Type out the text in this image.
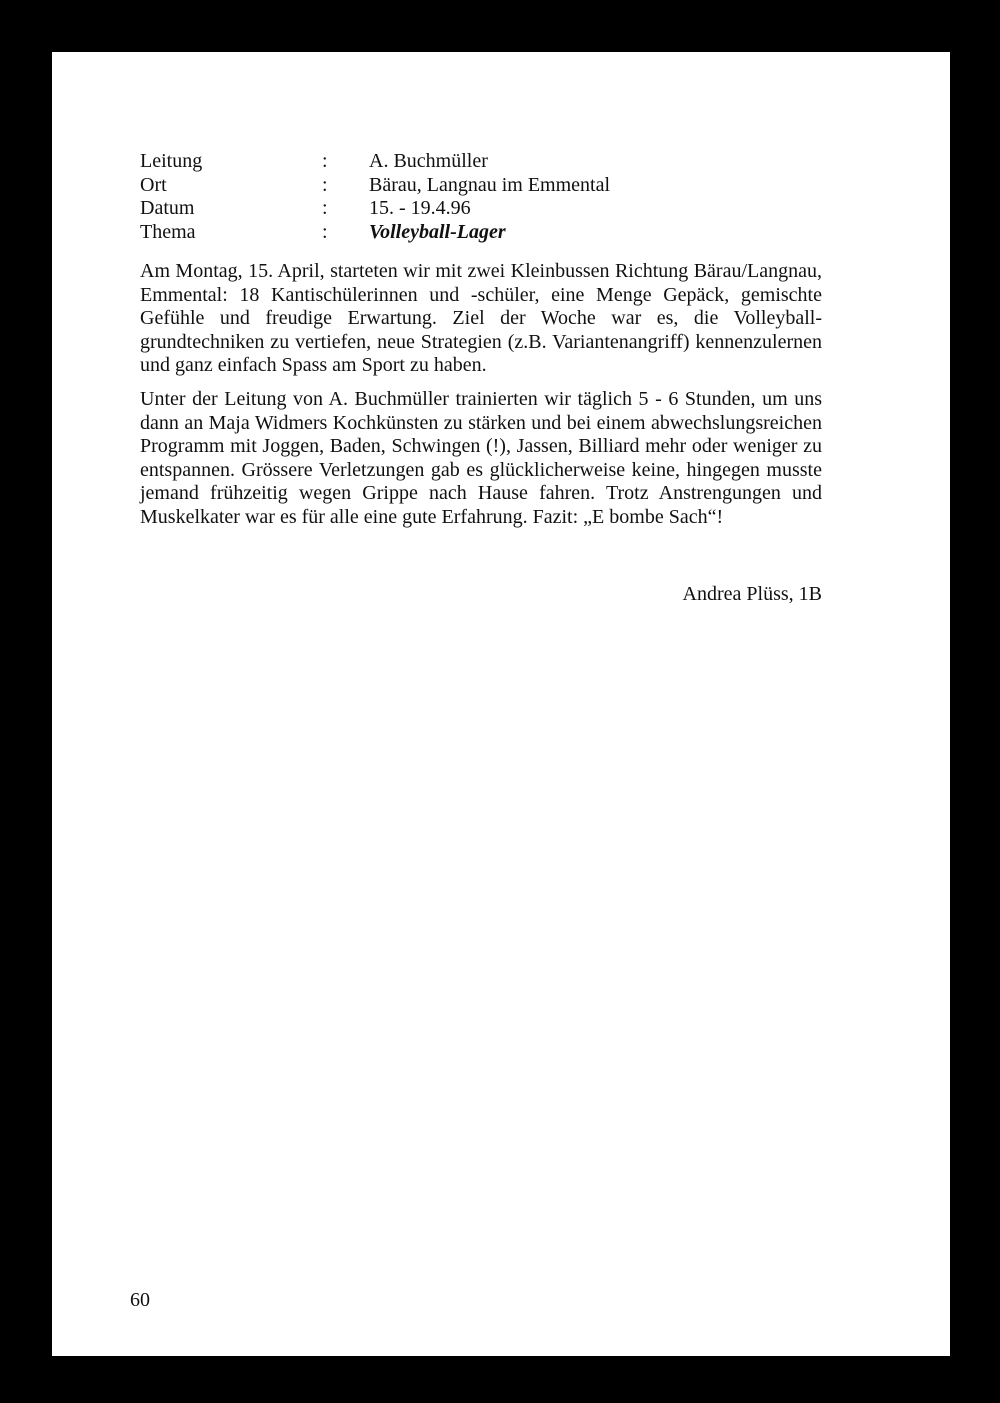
Leitung	: A. Buchmüller
Ort	: Bärau, Langnau im Emmental
Datum	: 15. - 19.4.96
Thema	: Volleyball-Lager

Am Montag, 15. April, starteten wir mit zwei Kleinbussen Richtung Bärau/Langnau, Emmental: 18 Kantischülerinnen und -schüler, eine Menge Gepäck, gemischte Gefühle und freudige Erwartung. Ziel der Woche war es, die Volleyballgrundtechniken zu vertiefen, neue Strategien (z.B. Variantenangriff) kennenzulernen und ganz einfach Spass am Sport zu haben.

Unter der Leitung von A. Buchmüller trainierten wir täglich 5 - 6 Stunden, um uns dann an Maja Widmers Kochkünsten zu stärken und bei einem abwechslungsreichen Programm mit Joggen, Baden, Schwingen (!), Jassen, Billiard mehr oder weniger zu entspannen. Grössere Verletzungen gab es glücklicherweise keine, hingegen musste jemand frühzeitig wegen Grippe nach Hause fahren. Trotz Anstrengungen und Muskelkater war es für alle eine gute Erfahrung. Fazit: „E bombe Sach“!

Andrea Plüss, 1B
60
